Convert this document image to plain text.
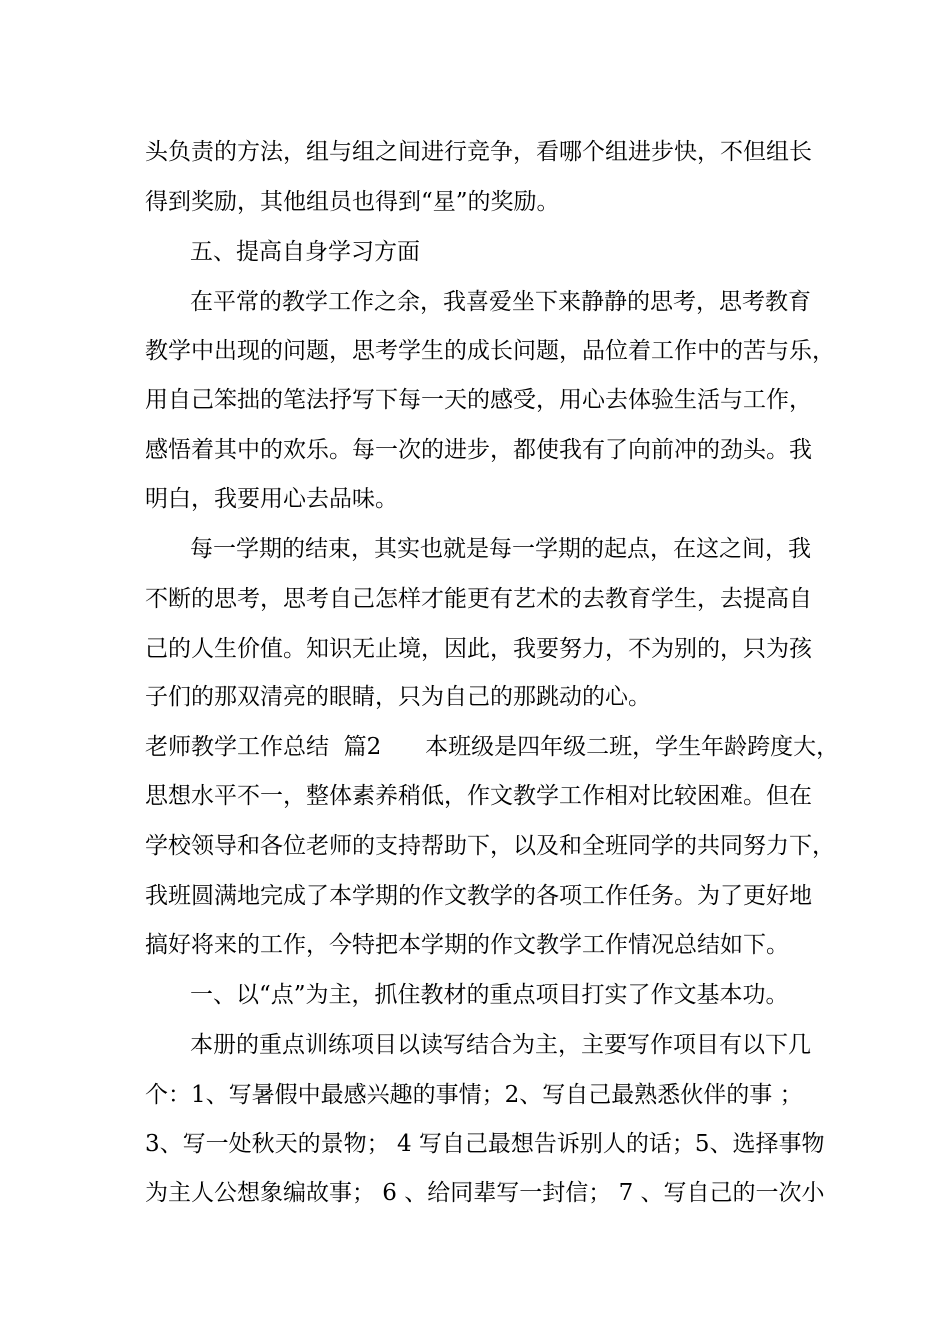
头负责的方法，组与组之间进行竞争，看哪个组进步快，不但组长
得到奖励，其他组员也得到“星”的奖励。
五、提高自身学习方面
在平常的教学工作之余，我喜爱坐下来静静的思考，思考教育
教学中出现的问题，思考学生的成长问题，品位着工作中的苦与乐，
用自己笨拙的笔法抒写下每一天的感受，用心去体验生活与工作，
感悟着其中的欢乐。每一次的进步，都使我有了向前冲的劲头。我
明白，我要用心去品味。
每一学期的结束，其实也就是每一学期的起点，在这之间，我
不断的思考，思考自己怎样才能更有艺术的去教育学生，去提高自
己的人生价值。知识无止境，因此，我要努力，不为别的，只为孩
子们的那双清亮的眼睛，只为自己的那跳动的心。
老师教学工作总结  篇2      本班级是四年级二班，学生年龄跨度大，
思想水平不一，整体素养稍低，作文教学工作相对比较困难。但在
学校领导和各位老师的支持帮助下，以及和全班同学的共同努力下，
我班圆满地完成了本学期的作文教学的各项工作任务。为了更好地
搞好将来的工作，今特把本学期的作文教学工作情况总结如下。
一、以“点”为主，抓住教材的重点项目打实了作文基本功。
本册的重点训练项目以读写结合为主，主要写作项目有以下几
个：1、写暑假中最感兴趣的事情；2、写自己最熟悉伙伴的事 ；
3、写一处秋天的景物； 4 写自己最想告诉别人的话；5、选择事物
为主人公想象编故事； 6 、给同辈写一封信； 7 、写自己的一次小
